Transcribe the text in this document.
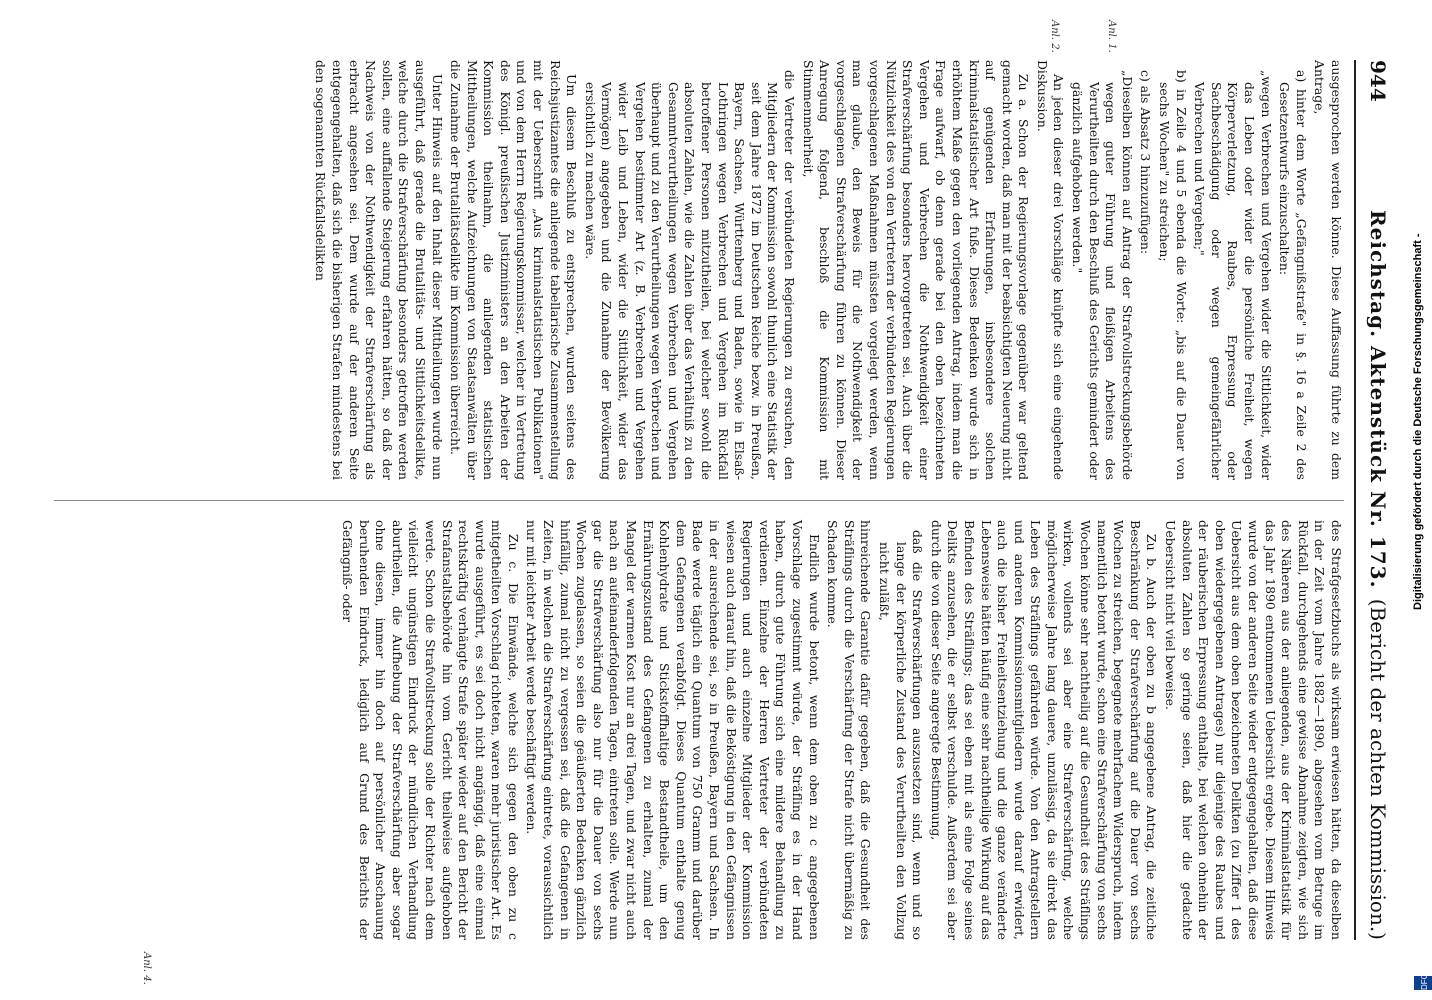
944
Reichstag. Aktenstück Nr. 173.
(Bericht der achten Kommission.)

ausgesprochen werden könne. Diese Auffassung führte zu dem Antrage,

a) hinter dem Worte „Gefängnißstrafe" in §. 16 a Zeile 2 des Gesetzentwurfs einzuschalten:

„wegen Verbrechen und Vergehen wider die Sittlichkeit, wider das Leben oder wider die persönliche Freiheit, wegen Körperverletzung, Raubes, Erpressung oder Sachbeschädigung oder wegen gemeingefährlicher Verbrechen und Vergehen;"

b) in Zeile 4 und 5 ebenda die Worte: „bis auf die Dauer von sechs Wochen" zu streichen;

c) als Absatz 3 hinzuzufügen:

„Dieselben können auf Antrag der Strafvollstreckungsbehörde wegen guter Führung und fleißigen Arbeitens des Verurtheilten durch den Beschluß des Gerichts gemindert oder gänzlich aufgehoben werden."

An jeden dieser drei Vorschläge knüpfte sich eine eingehende Diskussion.

Zu a. Schon der Regierungsvorlage gegenüber war geltend gemacht worden, daß man mit der beabsichtigten Neuerung nicht auf genügenden Erfahrungen, insbesondere solchen kriminalstatistischer Art fuße. Dieses Bedenken wurde sich in erhöhtem Maße gegen den vorliegenden Antrag, indem man die Frage aufwarf, ob denn gerade bei den oben bezeichneten Vergehen und Verbrechen die Nothwendigkeit einer Strafverschärfung besonders hervorgetreten sei. Auch über die Nützlichkeit des von den Vertretern der verbündeten Regierungen vorgeschlagenen Maßnahmen müssten vorgelegt werden, wenn man glaube, den Beweis für die Nothwendigkeit der vorgeschlagenen Strafverschärfung führen zu können. Dieser Anregung folgend, beschloß die Kommission mit Stimmenmehrheit,

die Vertreter der verbündeten Regierungen zu ersuchen, den Mitgliedern der Kommission sowohl thunlich eine Statistik der seit dem Jahre 1872 im Deutschen Reiche bezw. in Preußen, Bayern, Sachsen, Württemberg und Baden, sowie in Elsaß-Lothringen wegen Verbrechen und Vergehen im Rückfall betroffener Personen mitzutheilen, bei welcher sowohl die absoluten Zahlen, wie die Zahlen über das Verhältniß zu den Gesammtverurtheilungen wegen Verbrechen und Vergehen überhaupt und zu den Verurtheilungen wegen Verbrechen und Vergehen bestimmter Art (z. B. Verbrechen und Vergehen wider Leib und Leben, wider die Sittlichkeit, wider das Vermögen) angegeben und die Zunahme der Bevölkerung ersichtlich zu machen wäre.

Um diesem Beschluß zu entsprechen, wurden seitens des Reichsjustizamtes die anliegende tabellarische Zusammenstellung mit der Ueberschrift „Aus kriminalstatistischen Publikationen" und von dem Herrn Regierungskommissar, welcher in Vertretung des Königl. preußischen Justizministers an den Arbeiten der Kommission theilnahm, die anliegenden statistischen Mittheilungen, welche Aufzeichnungen von Staatsanwälten über die Zunahme der Brutalitätsdelikte im Kommission überreicht.

Unter Hinweis auf den Inhalt dieser Mittheilungen wurde nun ausgeführt, daß gerade die Brutalitäts- und Sittlichkeitsdelikte, welche durch die Strafverschärfung besonders getroffen werden sollen, eine auffallende Steigerung erfahren hätten, so daß der Nachweis von der Nothwendigkeit der Strafverschärfung als erbracht angesehen sei. Dem wurde auf der anderen Seite entgegengehalten, daß sich die bisherigen Strafen mindestens bei den sogenannten Rückfallsdelikten

des Strafgesetzbuchs als wirksam erwiesen hätten, da dieselben in der Zeit vom Jahre 1882—1890, abgesehen vom Betruge im Rückfall, durchgehends eine gewisse Abnahme zeigten, wie sich des Näheren aus der anliegenden, aus der Kriminalstatistik für das Jahr 1890 entnommenen Uebersicht ergebe. Diesem Hinweis wurde von der anderen Seite wieder entgegengehalten, daß diese Uebersicht aus dem oben bezeichneten Delikten (zu Ziffer 1 des oben wiedergegebenen Antrages) nur diejenige des Raubes und der räuberischen Erpressung enthalte, bei welchen ohnehin der absoluten Zahlen so geringe seien, daß hier die gedachte Uebersicht nicht viel beweise.

Zu b. Auch der oben zu b angegebene Antrag, die zeitliche Beschränkung der Strafverschärfung auf die Dauer von sechs Wochen zu streichen, begegnete mehrfachem Widerspruch, indem namentlich betont wurde, schon eine Strafverschärfung von sechs Wochen könne sehr nachtheilig auf die Gesundheit des Sträflings wirken, vollends sei aber eine Strafverschärfung, welche möglicherweise Jahre lang dauere, unzulässig, da sie direkt das Leben des Sträflings gefährden würde. Von den Antragstellern und anderen Kommissionsmitgliedern wurde darauf erwidert, auch die bisher Freiheitsentziehung und die ganze veränderte Lebensweise hätten häufig eine sehr nachtheilige Wirkung auf das Befinden des Sträflings; das sei eben mit als eine Folge seines Delikts anzusehen, die er selbst verschulde. Außerdem sei aber durch die von dieser Seite angeregte Bestimmung,

daß die Strafverschärfungen auszusetzen sind, wenn und so lange der körperliche Zustand des Verurtheilten den Vollzug nicht zuläßt,

hinreichende Garantie dafür gegeben, daß die Gesundheit des Sträflings durch die Verschärfung der Strafe nicht übermäßig zu Schaden komme.

Endlich wurde betont, wenn dem oben zu c angegebenen Vorschlage zugestimmt würde, der Sträfling es in der Hand haben, durch gute Führung sich eine mildere Behandlung zu verdienen. Einzelne der Herren Vertreter der verbündeten Regierungen und auch einzelne Mitglieder der Kommission wiesen auch darauf hin, daß die Beköstigung in den Gefängnissen in der ausreichende sei, so in Preußen, Bayern und Sachsen. In Bade werde täglich ein Quantum von 750 Gramm und darüber dem Gefangenen verabfolgt. Dieses Quantum enthalte genug Kohlenhydrate und Stickstoffhaltige Bestandtheile, um den Ernährungszustand des Gefangenen zu erhalten, zumal der Mangel der warmen Kost nur an drei Tagen, und zwar nicht auch nach an aufeinanderfolgenden Tagen, eintreten solle. Werde nun gar die Strafverschärfung also nur für die Dauer von sechs Wochen zugelassen, so seien die geäußerten Bedenken gänzlich hinfällig, zumal nicht zu vergessen sei, daß die Gefangenen in Zeiten, in welchen die Strafverschärfung eintrete, voraussichtlich nur mit leichter Arbeit werde beschäftigt werden.

Zu c. Die Einwände, welche sich gegen den oben zu c mitgetheilten Vorschlag richteten, waren mehr juristischer Art. Es wurde ausgeführt, es sei doch nicht angängig, daß eine einmal rechtskräftig verhängte Strafe später wieder auf den Bericht der Strafanstaltsbehörde hin vom Gericht theilweise aufgehoben werde. Schon die Strafvollstreckung solle der Richter nach dem vielleicht ungünstigen Eindruck der mündlichen Verhandlung aburtheilen, die Aufhebung der Strafverschärfung aber sogar ohne diesen, immer hin doch auf persönlicher Anschauung beruhenden Eindruck, lediglich auf Grund des Berichts der Gefängniß- oder

Anl. 1.
Anl. 2.
Anl. 4.
Digitalisierung gefördert durch die Deutsche Forschungsgemeinschaft -
DFG
